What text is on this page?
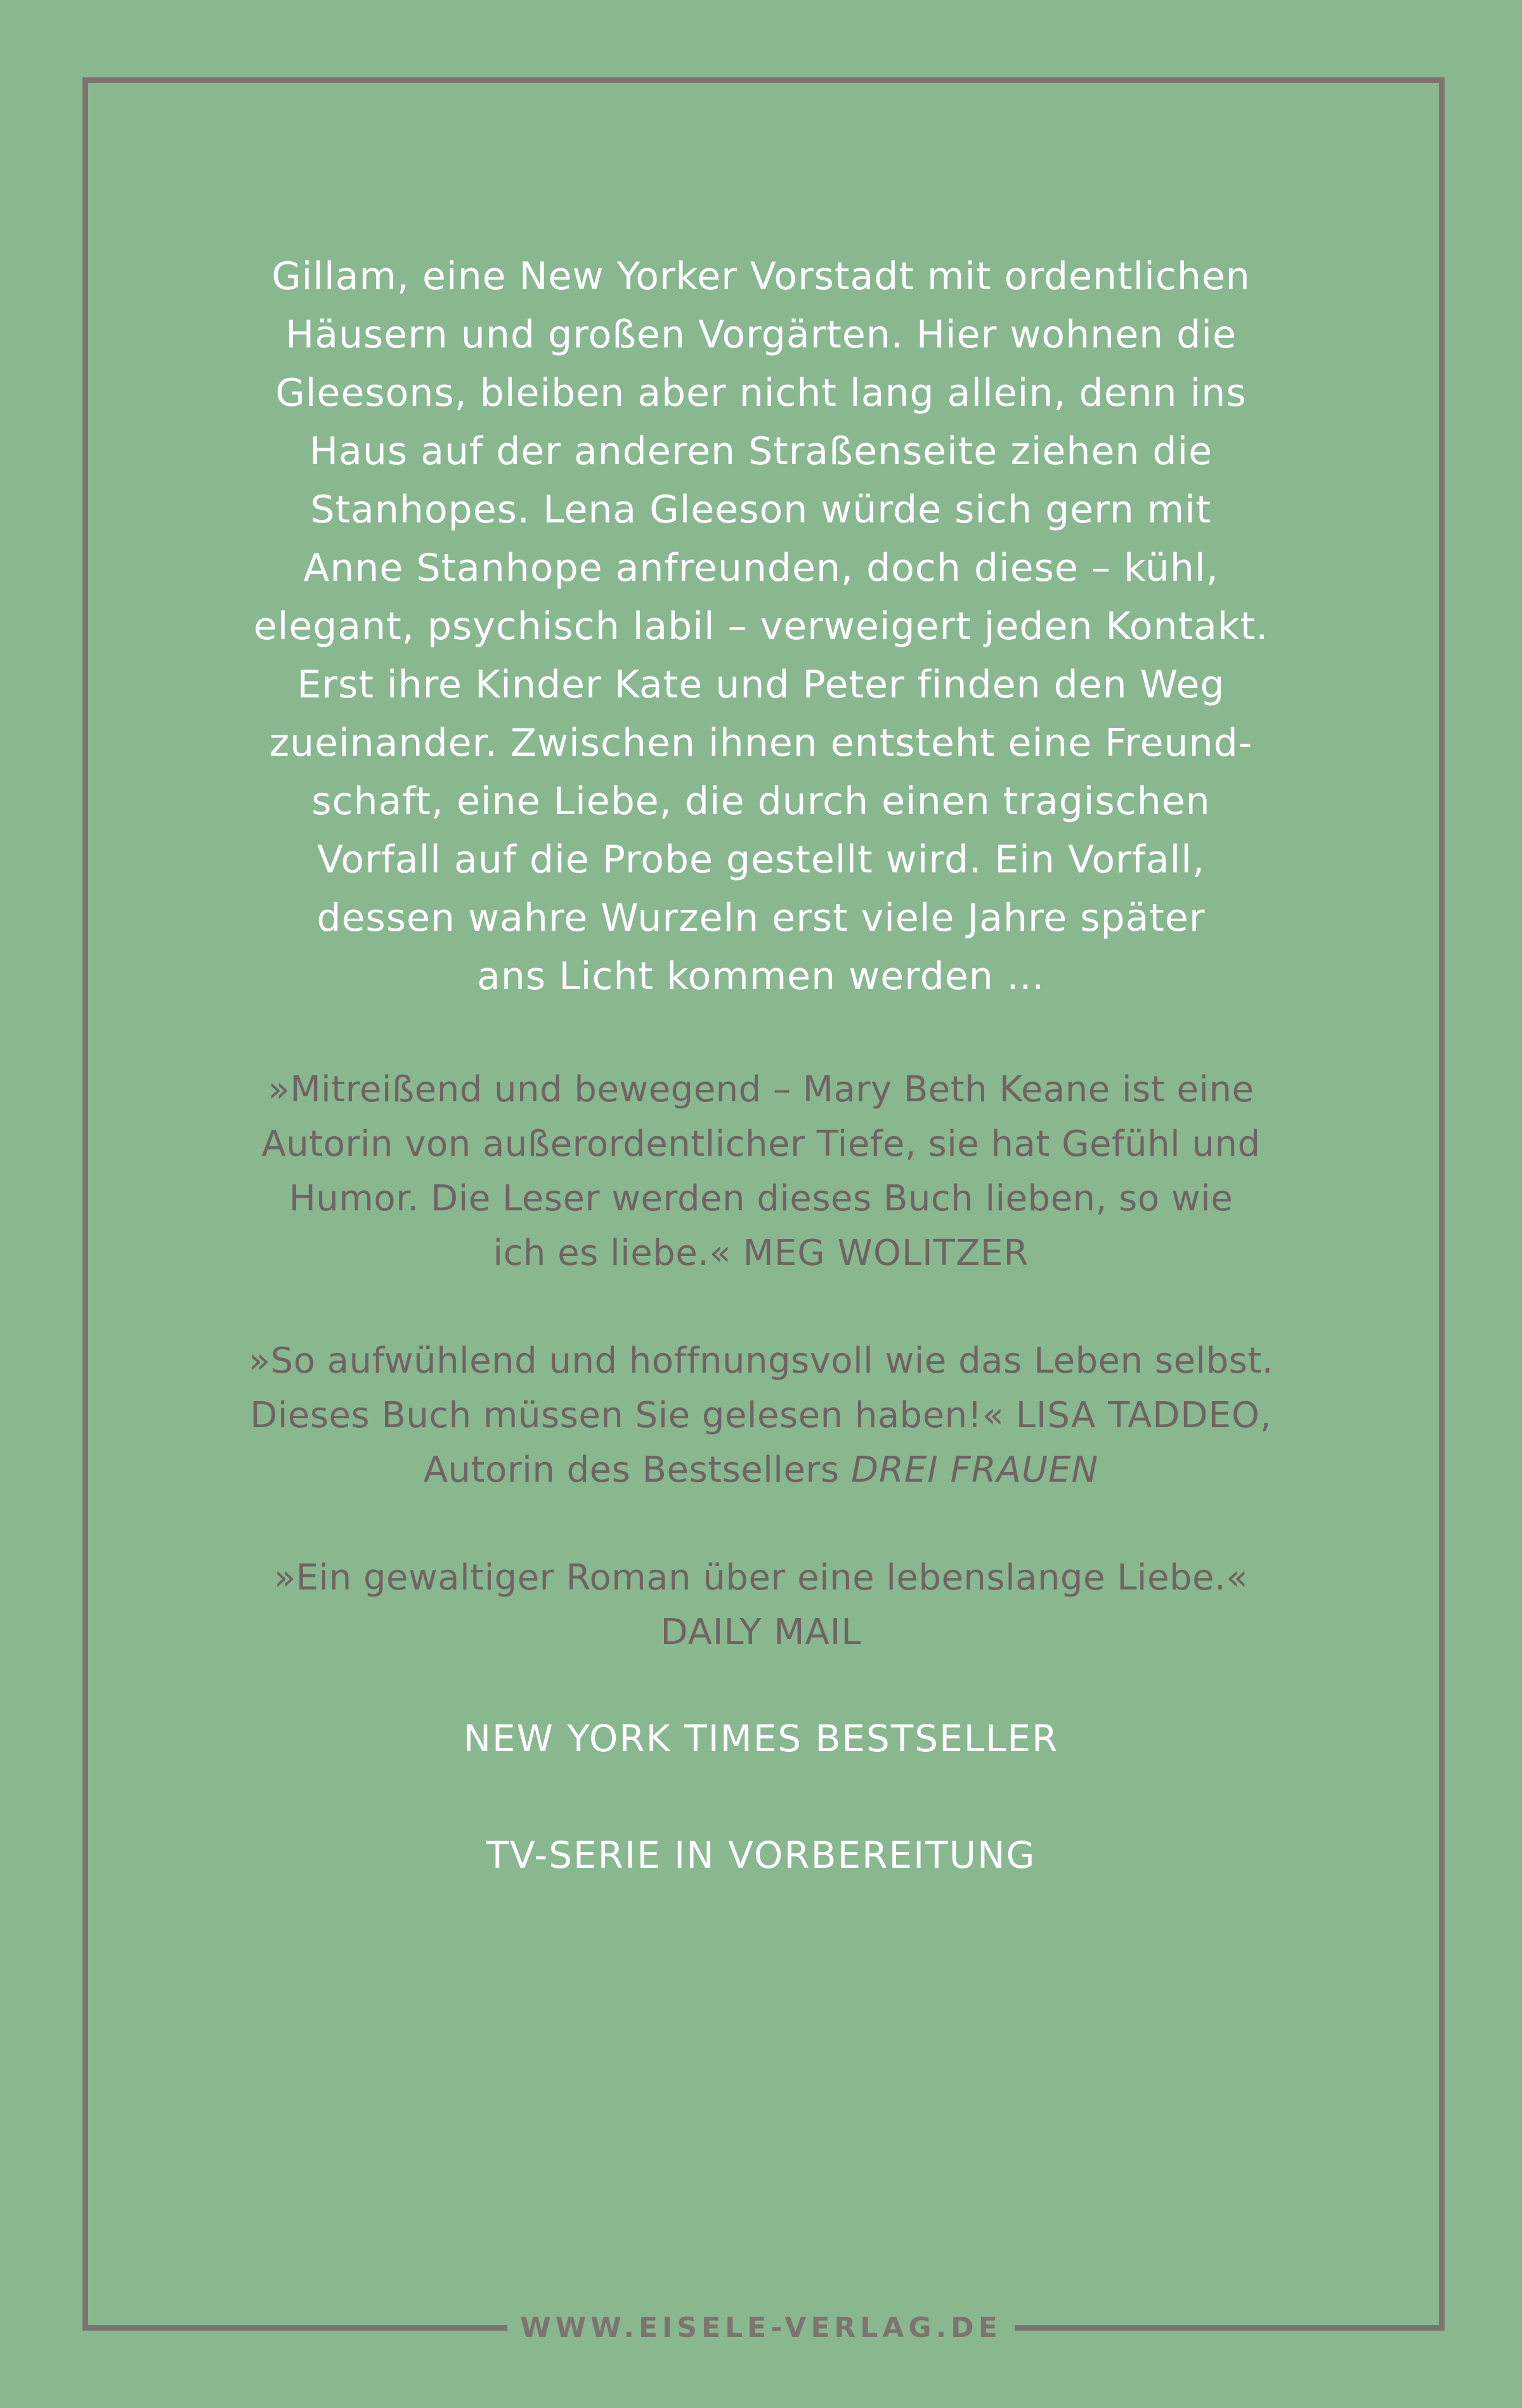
Gillam, eine New Yorker Vorstadt mit ordentlichen
Häusern und großen Vorgärten. Hier wohnen die
Gleesons, bleiben aber nicht lang allein, denn ins
Haus auf der anderen Straßenseite ziehen die
Stanhopes. Lena Gleeson würde sich gern mit
Anne Stanhope anfreunden, doch diese – kühl,
elegant, psychisch labil – verweigert jeden Kontakt.
Erst ihre Kinder Kate und Peter finden den Weg
zueinander. Zwischen ihnen entsteht eine Freund-
schaft, eine Liebe, die durch einen tragischen
Vorfall auf die Probe gestellt wird. Ein Vorfall,
dessen wahre Wurzeln erst viele Jahre später
ans Licht kommen werden …

»Mitreißend und bewegend – Mary Beth Keane ist eine
Autorin von außerordentlicher Tiefe, sie hat Gefühl und
Humor. Die Leser werden dieses Buch lieben, so wie
ich es liebe.« MEG WOLITZER

»So aufwühlend und hoffnungsvoll wie das Leben selbst.
Dieses Buch müssen Sie gelesen haben!« LISA TADDEO,
Autorin des Bestsellers DREI FRAUEN

»Ein gewaltiger Roman über eine lebenslange Liebe.«
DAILY MAIL

NEW YORK TIMES BESTSELLER

TV-SERIE IN VORBEREITUNG

WWW.EISELE-VERLAG.DE
